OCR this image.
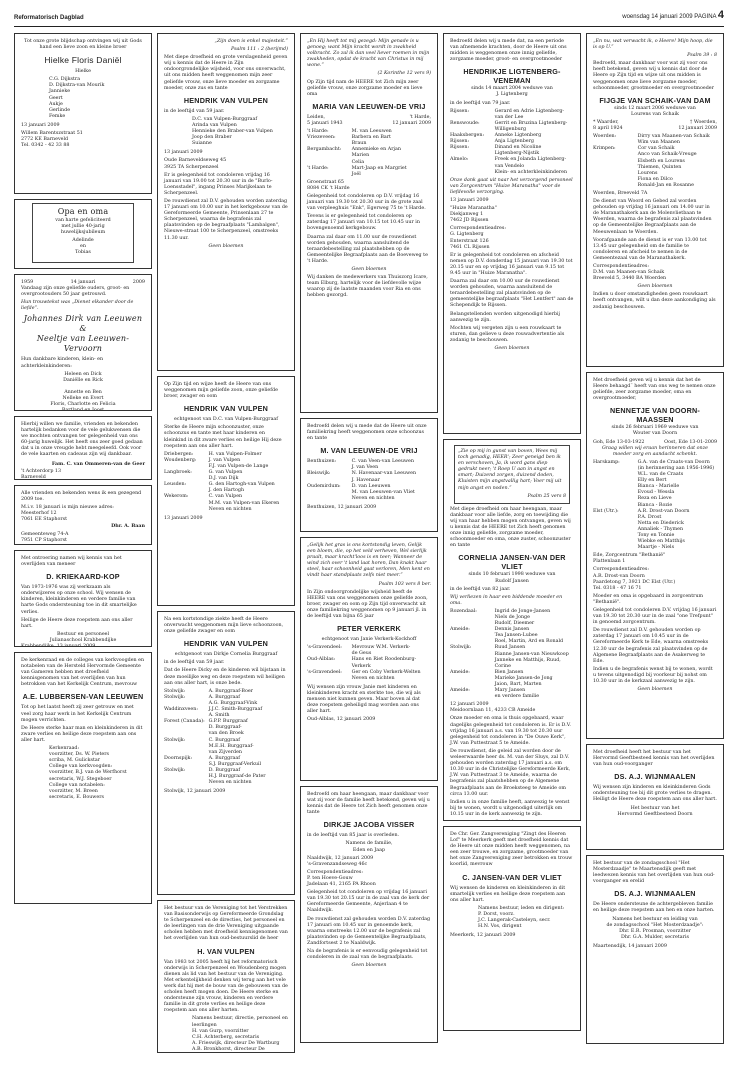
Reformatorisch Dagblad	woensdag 14 januari 2009 PAGINA 4

Tot onze grote blijdschap ontvingen wij uit Gods hand een lieve zoon en kleine broer

Hielke Floris Daniël

Hielke

C.G. Dijkstra

D. Dijkstra-van Mourik

Jannieke

Geert

Aukje

Gerlinde

Femke

13 januari 2009

Willem Barentszstraat 51

2772 KE Barneveld

Tel. 0342 - 42 33 88

Opa en oma

van harte gefeliciteerd

met jullie 40-jarig

huwelijksjubileum

Adelinde

en

Tobias

1959	14 januari	2009

Vandaag zijn onze geliefde ouders, groot- en overgrootouders 50 jaar getrouwd.

Hun trouwtekst was „Dienet elkander door de liefde”.

Johannes Dirk van Leeuwen
&
Neeltje van Leeuwen-Vervoorn

Hun dankbare kinderen, klein- en achterkleinkinderen:

Heleen en Dick

Daniëlle en Rick

Annette en Ben

Nelleke en Evert

Floris, Charlotte en Felicia

Bartland en Joost

Hierbij willen we familie, vrienden en bekenden hartelijk bedanken voor de vele gelukwensen die we mochten ontvangen ter gelegenheid van ons 60-jarig huwelijk. Het heeft ons zeer goed gedaan dat u in onze vreugde hebt meegeleefd. Ook voor de vele kaarten en cadeaus zijn wij dankbaar.

Fam. C. van Ommeren-van de Geer

't Achterdorp 13

Barneveld

Alle vrienden en bekenden wens ik een gezegend 2009 toe.

M.i.v. 18 januari is mijn nieuwe adres:

Meesterhof 12

7061 EE Staphorst

Dhr. A. Baan

Gemeenteweg 74-A

7951 CP Staphorst

Met ontroering namen wij kennis van het overlijden van meneer

D. KRIEKAARD-KOP

Van 1973-1976 was zij werkzaam als onderwijzeres op onze school. Wij wensen de kinderen, kleinkinderen en verdere familie van harte Gods ondersteuning toe in dit smartelijke verlies.

Heilige de Heere deze roepstem aan ons aller hart.

Bestuur en personeel

Julianaschool Krabbendijke

Krabbendijke, 13 januari 2009

De kerkenraad en de colleges van kerkvoogden en notabelen van de Hersteld Hervormde Gemeente van Gameren hebben met droefheid kennisgenomen van het overlijden van hun betrokken van het Kerkelijk Centrum, mevrouw

A.E. LUBBERSEN-VAN LEEUWEN

Tot op het laatst heeft zij zeer getrouw en met veel zorg haar werk in het Kerkelijk Centrum mogen verrichten.

De Heere sterke haar man en kleinkinderen in dit zware verlies en heilige deze roepstem aan ons aller hart.

Kerkenraad:

voorzitter, Ds. W. Pieters

scriba, M. Gulickstar

College van kerkvoogden:

voorzitter, B.J. van de Werfhorst

secretaris, W.J. Stegeboer

College van notabelen:

voorzitter, M. Breen

secretaris, E. Bouwers

„Zijn doen is enkel majesteit.”

Psalm 111 : 2 (berijmd)

Met diepe droefheid en grote verslagenheid geven wij u kennis dat de Heere in Zijn ondoorgrondelijke wijsheid, voor ons onverwacht, uit ons midden heeft weggenomen mijn zeer geliefde vrouw, onze lieve moeder en zorgzame moeder, onze zus en tante

HENDRIK VAN VULPEN

in de leeftijd van 59 jaar.

D.C. van Vulpen-Burggraaf

Arinda van Vulpen

Hennieke den Braber-van Vulpen

Joop den Braber

Suianne

13 januari 2009

Oude Barneveldseweg 45

3925 TA Scherpenzeel

Er is gelegenheid tot condoleren vrijdag 16 januari van 19.00 tot 20.30 uur in de "Burlo-Loensstadel", ingang Prinses Marijkelaan te Scherpenzeel.

De rouwdienst zal D.V. gehouden worden zaterdag 17 januari om 10.00 uur in het kerkgebouw van de Gereformeerde Gemeente, Prinsenlaan 27 te Scherpenzeel, waarna de begrafenis zal plaatsvinden op de begraafplaats "Lambalgen", Nieuwe-straat 100 te Scherpenzeel, omstreeks 11.30 uur.

Geen bloemen

Op Zijn tijd en wijze heeft de Heere van ons weggenomen mijn geliefde zoon, onze geliefde broer, zwager en oom

HENDRIK VAN VULPEN

echtgenoot van D.C. van Vulpen-Burggraaf

Sterke de Heere mijn schoonzuster, onze schoonzus en tante met haar kinderen en kleinkind in dit zware verlies en heilige Hij deze roepstem aan ons aller hart.

Driebergen:	H. van Vulpen-Folmer
Woudenberg:	J. van Vulpen
F.J. van Vulpen-de Lange
Langbroek:	G. van Vulpen
D.J. van Dijk
Leusden:	G. den Hartogh-van Vulpen
J. den Hartogh
Wekerom:	C. van Vulpen
M.M. van Vulpen-van Ekeren
Neven en nichten

13 januari 2009

Na een kortstondige ziekte heeft de Heere onverwacht weggenomen mijn lieve schoonzoon, onze geliefde zwager en oom

HENDRIK VAN VULPEN

echtgenoot van Dirkje Cornelia Burggraaf

in de leeftijd van 59 jaar.

Dat de Heere Dicky en de kinderen wil bijstaan in deze moeilijke weg en deze roepstem wil heiligen aan ons aller hart, is onze bede.

Stolwijk:	A. Burggraaf-Boer
Stolwijk:	A. Burggraaf
A.G. Burggraaf-Vink
Waddinxveen:	J.J.C. Smith-Burggraaf
A. Smith
Forest (Canada): G.P.P. Burggraaf
D. Burggraaf-
van den Broek
Stolwijk:	C. Burggraaf
M.E.H. Burggraaf-
van Zijverden
Doornspijk:	A. Burggraaf
S.J. Burggraaf-Verkuil
Stolwijk:	D. Burggraaf
H.J. Burggraaf-de Pater
Neven en nichten

Stolwijk, 12 januari 2009

Het bestuur van de Vereniging tot het Verstrekken van Basisonderwijs op Gereformeerde Grondslag te Scherpenzeel en de directies, het personeel en de leerlingen van de drie Vereniging uitgaande scholen hebben met droefheid kennisgenomen van het overlijden van hun oud-bestuurslid de heer

H. VAN VULPEN

Van 1983 tot 2005 heeft hij het reformatorisch onderwijs in Scherpenzeel en Woudenberg mogen dienen als lid van het bestuur van de Vereniging. Met erkentelijkheid denken wij terug aan het vele werk dat hij met de bouw van de gebouwen van de scholen heeft mogen doen. De Heere sterke en ondersteune zijn vrouw, kinderen en verdere familie in dit grote verlies en heilige deze roepstem aan ons aller harten.

Namens bestuur, directie, personeel en leerlingen

H. van Gurp, voorzitter

C.H. Achterberg, secretaris

A. Frieswijk, directeur De Wartburg

A.B. Bronkhorst, directeur De

„En Hij heeft tot mij gezegd: Mijn genade is u genoeg; want Mijn kracht wordt in zwakheid volbracht. Zo zal ik dan veel liever roemen in mijn zwakheden, opdat de kracht van Christus in mij wone.”

(2 Korinthe 12 vers 9)

Op Zijn tijd nam de HEERE tot Zich mijn zeer geliefde vrouw, onze zorgzame moeder en lieve oma

MARIA VAN LEEUWEN-DE VRIJ
Leiden,	't Harde,
5 januari 1943	12 januari 2009
't Harde:	M. van Leeuwen
Vriezeveen:	Barbera en Bart
Braun
Bergambacht:	Annemieke en Arjan
Marien
Celia
't Harde:	Mart-Jaap en Margriet
Joël

Groenstraat 65

8084 CK 't Harde

Gelegenheid tot condoleren op D.V. vrijdag 16 januari van 19.30 tot 20.30 uur in de grote zaal van verpleeghuis "Enk", Egerweg 75 te 't Harde.

Tevens is er gelegenheid tot condoleren op zaterdag 17 januari van 10.15 tot 10.45 uur in bovengenoemd kerkgebouw.

Daarna zal daar om 11.00 uur de rouwdienst worden gehouden, waarna aansluitend de teraardebestelling zal plaatshebben op de Gemeentelijke Begraafplaats aan de Boeveweg te 't Harde.

Geen bloemen

Wij danken de medewerkers van Thuiszorg Icare, team Elburg, hartelijk voor de liefdevolle wijze waarop zij de laatste maanden voor Ria en ons hebben gezorgd.

Bedroefd delen wij u mede dat de Heere uit onze familiekring heeft weggenomen onze schoonzus en tante

M. VAN LEEUWEN-DE VRIJ
Benthuizen:	C. van Veen-van Leeuwen
J. van Veen
Bleiswijk:	N. Havenaar-van Leeuwen
J. Havenaar
Oudemirdum:	D. van Leeuwen
M. van Leeuwen-van Vliet
Neven en nichten

Benthuizen, 12 januari 2009

„Gelijk het gras is ons kortstondig leven, Gelijk een bloem, die, op het veld verheven, Wel sierlijk praalt, maar kracht'loos is en teer; Wanneer de wind zich over 't land laat horen, Dan knakt haar steel, haar schoonheid gaat verloren, Men kent en vindt haar standplaats zelfs niet meer.”

Psalm 103 vers 8 ber.

In Zijn ondoorgrondelijke wijsheid heeft de HEERE van ons weggenomen onze geliefde zoon, broer, zwager en oom op Zijn tijd onverwacht uit onze familiekring weggenomen op 9 januari jl. in de leeftijd van bijna 65 jaar

PETER VERKERK

echtgenoot van Janie Verkerk-Kockhoff

's-Gravendeel:	Mevrouw W.M. Verkerk-
de Geus
Oud-Alblas:	Hans en Riet Roodenburg-
Verkerk
's-Gravendeel:	Ger en Coby Verkerk-Welten
Neven en nichten

Wij wensen zijn vrouw Janie met kinderen en kleinkinderen kracht en sterkte toe, die wij als mensen niet kunnen geven. Maar boven al dat deze roepstem geheiligd mag worden aan ons aller hart.

Oud-Alblas, 12 januari 2009

Bedroefd om haar heengaan, maar dankbaar voor wat zij voor de familie heeft betekend, geven wij u kennis dat de Heere tot Zich heeft genomen onze tante

DIRKJE JACOBA VISSER

in de leeftijd van 85 jaar is overleden.

Namens de familie,

Eden en Jaap

Naaldwijk, 12 januari 2009

's-Gravenzandseweg 46c

Correspondentieadres:

P. ten Hoeve-Gouw

Jadelaan 41, 2165 PA Rhoon

Gelegenheid tot condoleren op vrijdag 16 januari van 19.30 tot 20.15 uur in de zaal van de kerk der Gereformeerde Gemeente, Anjerlaan 4 te Naaldwijk.

De rouwdienst zal gehouden worden D.V. zaterdag 17 januari om 10.45 uur in genoemde kerk, waarna omstreeks 12.00 uur de begrafenis zal plaatsvinden op de Gemeentelijke Begraafplaats, Zandfortsest 2 te Naaldwijk.

Na de begrafenis is er eenvoudig gelegenheid tot condoleren in de zaal van de begraafplaats.

Geen bloemen

Bedroefd delen wij u mede dat, na een periode van afnemende krachten, door de Heere uit ons midden is weggenomen onze innig geliefde, zorgzame moeder, groot- en overgrootmoeder

HENDRIKJE LIGTENBERG-VENEMAN

sinds 14 maart 2004 weduwe van

J. Ligtenberg

in de leeftijd van 79 jaar.

Rijssen:	Gerard en Adrie Ligtenberg-
van der Lee
Renswoude:	Gerrit en Bruzina Ligtenberg-
Willigenburg
Haaksbergen:	Anneke Ligtenberg
Rijssen:	Anja Ligtenberg
Rijssen:	Dinand en Nicoline
Ligtenberg-Nijstik
Almelo:	Freek en Jolanda Ligtenberg-
van Vendelo
Klein- en achterkleinkinderen

Onze dank gaat uit naar het verzorgend personeel van Zorgcentrum "Huize Maranatha" voor de liefdevolle verzorging.

13 januari 2009

"Huize Maranatha"

Diekjanweg 1

7462 JD Rijssen

Correspondentieadres:

G. Ligtenberg

Enterstraat 126

7461 CL Rijssen

Er is gelegenheid tot condoleren en afscheid nemen op D.V. donderdag 15 januari van 19.30 tot 20.15 uur en op vrijdag 16 januari van 9.15 tot 9.45 uur in "Huize Maranatha".

Daarna zal daar om 10.00 uur de rouwdienst worden gehouden, waarna aansluitend de teraardebestelling zal plaatsvinden op de gemeentelijke begraafplaats "Het Lentfert" aan de Schependijk te Rijssen.

Belangstellenden worden uitgenodigd hierbij aanwezig te zijn.

Mochten wij vergeten zijn u een rouwkaart te sturen, dan gelieve u deze rouwadvertentie als zodanig te beschouwen.

Geen bloemen

„Zie op mij in gunst van boven, Wees mij toch genadig, HEER'; Zeer geneigd ben ik en verschoven, Ja, ik word gans diep gedrukt neer; 't Roep U aan in angst en smart; Duizend zorgen, duizend doden, Kluisten mijn angstvallig hart; Voer mij uit mijn angst en noden.”

Psalm 25 vers 8

Met diepe droefheid om haar heengaan, maar dankbaar voor alle liefde, zorg en toewijding die wij van haar hebben mogen ontvangen, geven wij u kennis dat de HEERE tot Zich heeft genomen onze innig geliefde, zorgzame moeder, schoonmoeder en oma, onze zuster, schoonzuster en tante

CORNELIA JANSEN-VAN DER VLIET

sinds 10 februari 1998 weduwe van

Rudolf Jansen

in de leeftijd van 82 jaar.

Wij verliezen in haar een biddende moeder en oma.

Rozendaal:	Ingrid de Jonge-Jansen
Niels de Jonge
Rudolf, Dieemer
Ameide:	Dennis Jansen
Tea Jansen-Lubee
Roel, Martin, Ard en Ronald
Stolwijk:	Ruud Jansen
Rianne Jansen-van Nieuwkoop
Janneke en Matthijs, Ruud,
Corine
Ameide:	Bien Jansen
Marieke Jansen-de Jong
Jaion, Bart, Marten
Ameide:	Mary Jansen
en verdere familie

12 januari 2009

Meidoornlaan 11, 4233 CB Ameide

Onze moeder en oma is thuis opgebaard, waar dagelijks gelegenheid tot condoleren is. Er is D.V. vrijdag 16 januari a.s. van 19.30 tot 20.30 uur gelegenheid tot condoleren in "De Ouwe Kerk", J.W. van Puttestraat 5 te Ameide.

De rouwdienst, die geleid zal worden door de weleerwaarde heer ds. M. van der Sluys, zal D.V. gehouden worden zaterdag 17 januari a.s. om 10.30 uur in de Christelijke Gereformeerde Kerk, J.W. van Puttestraat 3 te Ameide, waarna de begrafenis zal plaatshebben op de Algemene Begraafplaats aan de Broeksteeg te Ameide om circa 13.00 uur.

Indien u in onze familie heeft, aanwezig te wenst bij te wonen, wordt u uitgenodigd uiterlijk om 10.15 uur in de kerk aanwezig te zijn.

De Chr. Ger. Zangvereniging "Zingt des Heeren Lof" te Meerkerk geeft met droefheid kennis dat de Heere uit onze midden heeft weggenomen, na een zeer trouwe, en zorgzame, grootmoeder van het onze Zangvereniging zeer betrokken en trouw koorlid, mevrouw

C. JANSEN-VAN DER VLIET

Wij wensen de kinderen en kleinkinderen in dit smartelijk verlies en heilige deze roepstem aan ons aller hart.

Namens bestuur, leden en dirigent:

P. Dorst, voorz.

J.C. Langerak-Casteleyn, secr.

H.N. Vos, dirigent

Meerkerk, 12 januari 2009

„En nu, wat verwacht ik, o Heere! Mijn hoop, die is op U.”

Psalm 39 : 8

Bedroefd, maar dankbaar voor wat zij voor ons heeft betekend, geven wij u kennis dat door de Heere op Zijn tijd en wijze uit ons midden is weggenomen onze lieve zorgzame moeder, schoonmoeder, grootmoeder en overgrootmoeder

FIJGJE VAN SCHAIK-VAN DAM

sinds 12 maart 2006 weduwe van

Lourens van Schaik

* Waarder,	† Woerden,
8 april 1924	12 januari 2009
Woerden:	Dirry van Maanen-van Schaik
Wim van Maanen
Krimpen:	Cor van Schaik
Anco van Schaik-Vreuge
Elsbeth en Lourens
Thiemen, Quinten
Lourens
Fiona en Dilco
Ronald-Jan en Rosanne

Woerden, Breeveld 7A

De dienst van Woord en Gebed zal worden gehouden op vrijdag 16 januari om 14.00 uur in de Maranathakerk aan de Molenvlietbaan te Woerden, waarna de begrafenis zal plaatsvinden op de Gemeentelijke Begraafplaats aan de Meeuwenlaan te Woerden.

Voorafgaande aan de dienst is er van 13.00 tot 13.45 uur gelegenheid om de familie te condoleren en afscheid te nemen in de Gemeentezaal van de Maranathakerk.

Correspondentieadres:

D.M. van Maanen-van Schaik

Breeveld 5, 3440 BA Woerden

Geen bloemen

Indien u door omstandigheden geen rouwkaart heeft ontvangen, wilt u dan deze aankondiging als zodanig beschouwen.

Met droefheid geven wij u kennis dat het de Heere behaagd¨ heeft van ons weg te nemen onze geliefde, zeer zorgzame moeder, oma en overgrootmoeder,

NENNETJE VAN DOORN-MAASSEN

sinds 26 februari 1969 weduwe van

Wouter van Doorn

Goh, Ede 13-03-1922	Oost, Ede 13-01-2009

Graag willen wij eraan herinneren dat onze moeder zorg en aandacht schenkt.

Harskamp:	G.A. van de Craats-van Doorn
(in herinnering aan 1956-1996)
W.L. van de Craats
Elly en Bert
Bianca - Marielle
Evoud - Wessla
Reza en Lieve
Bianca - Rozie
Elst (Utr.):	A.R. Drost-van Doorn
P.A. Drost
Netta en Diederick
Annaliek - Thymen
Tony en Tonnie
Wiebke en Matthijs
Maartje - Niels

Ede, Zorgcentrum "Bethanië"

Plattenlaan 1

Correspondentieadres:

A.R. Drost-van Doorn

Paardetong 7, 3921 DC Elst (Utr.)

Tel. 0318 - 47 16 71

Moeder en oma is opgebaard in zorgcentrum "Bethanië".

Gelegenheid tot condoleren D.V. vrijdag 16 januari van 19.30 tot 20.30 uur in de zaal "one Trefpunt" in genoemd zorgcentrum.

De rouwdienst zal D.V. gehouden worden op zaterdag 17 januari om 10.45 uur in de Gereformeerde Kerk te Ede, waarna omstreeks 12.30 uur de begrafenis zal plaatsvinden op de Algemene Begraafplaats aan de Asakerweg te Ede.

Indien u de begrafenis wenst bij te wonen, wordt u tevens uitgenodigd bij voorkeur bij nohst om 10.30 uur in de kerkzaal aanwezig te zijn.

Geen bloemen

Met droefheid heeft het bestuur van het Hervormd Geeftbesteed kennis van het overlijden van hun oud-voorganger

DS. A.J. WIJNMAALEN

Wij wensen zijn kinderen en kleinkinderen Gods ondersteuning toe bij dit grote verlies te dragen. Heiligt de Heere deze roepstem aan ons aller hart.

Het bestuur van het

Hervormd Geeftbesteed Doorn

Het bestuur van de zondagsschool "Het Mosterdzaadje" te Maartensdijk geeft met leedwezen kennis van het overlijden van hun oud-voorganger en erelid

DS. A.J. WIJNMAALEN

De Heere ondersteune de achtergebleven familie en heilige deze roepstem aan hen en onze harten.

Namens het bestuur en leiding van

de zondagsschool "Het Mosterdzaadje":

Dhr. E.R. Prosman, voorzitter

Dhr. G.A. Mulder, secretaris

Maartensdijk, 14 januari 2009
